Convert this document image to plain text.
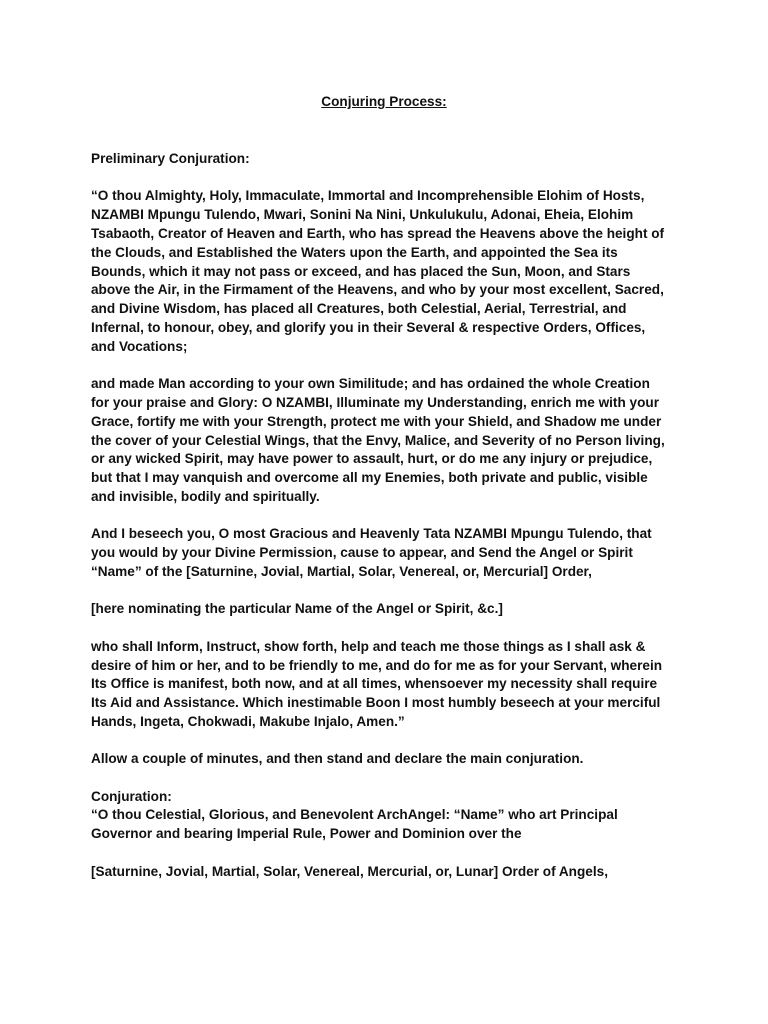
Conjuring Process:

Preliminary Conjuration:

“O thou Almighty, Holy, Immaculate, Immortal and Incomprehensible Elohim of Hosts,
NZAMBI Mpungu Tulendo, Mwari, Sonini Na Nini, Unkulukulu, Adonai, Eheia, Elohim
Tsabaoth, Creator of Heaven and Earth, who has spread the Heavens above the height of
the Clouds, and Established the Waters upon the Earth, and appointed the Sea its
Bounds, which it may not pass or exceed, and has placed the Sun, Moon, and Stars
above the Air, in the Firmament of the Heavens, and who by your most excellent, Sacred,
and Divine Wisdom, has placed all Creatures, both Celestial, Aerial, Terrestrial, and
Infernal, to honour, obey, and glorify you in their Several & respective Orders, Offices,
and Vocations;

and made Man according to your own Similitude; and has ordained the whole Creation
for your praise and Glory: O NZAMBI, Illuminate my Understanding, enrich me with your
Grace, fortify me with your Strength, protect me with your Shield, and Shadow me under
the cover of your Celestial Wings, that the Envy, Malice, and Severity of no Person living,
or any wicked Spirit, may have power to assault, hurt, or do me any injury or prejudice,
but that I may vanquish and overcome all my Enemies, both private and public, visible
and invisible, bodily and spiritually.

And I beseech you, O most Gracious and Heavenly Tata NZAMBI Mpungu Tulendo, that
you would by your Divine Permission, cause to appear, and Send the Angel or Spirit
“Name” of the [Saturnine, Jovial, Martial, Solar, Venereal, or, Mercurial] Order,

[here nominating the particular Name of the Angel or Spirit, &c.]

who shall Inform, Instruct, show forth, help and teach me those things as I shall ask &
desire of him or her, and to be friendly to me, and do for me as for your Servant, wherein
Its Office is manifest, both now, and at all times, whensoever my necessity shall require
Its Aid and Assistance. Which inestimable Boon I most humbly beseech at your merciful
Hands, Ingeta, Chokwadi, Makube Injalo, Amen.”

Allow a couple of minutes, and then stand and declare the main conjuration.

Conjuration:
“O thou Celestial, Glorious, and Benevolent ArchAngel: “Name” who art Principal
Governor and bearing Imperial Rule, Power and Dominion over the

[Saturnine, Jovial, Martial, Solar, Venereal, Mercurial, or, Lunar] Order of Angels,
